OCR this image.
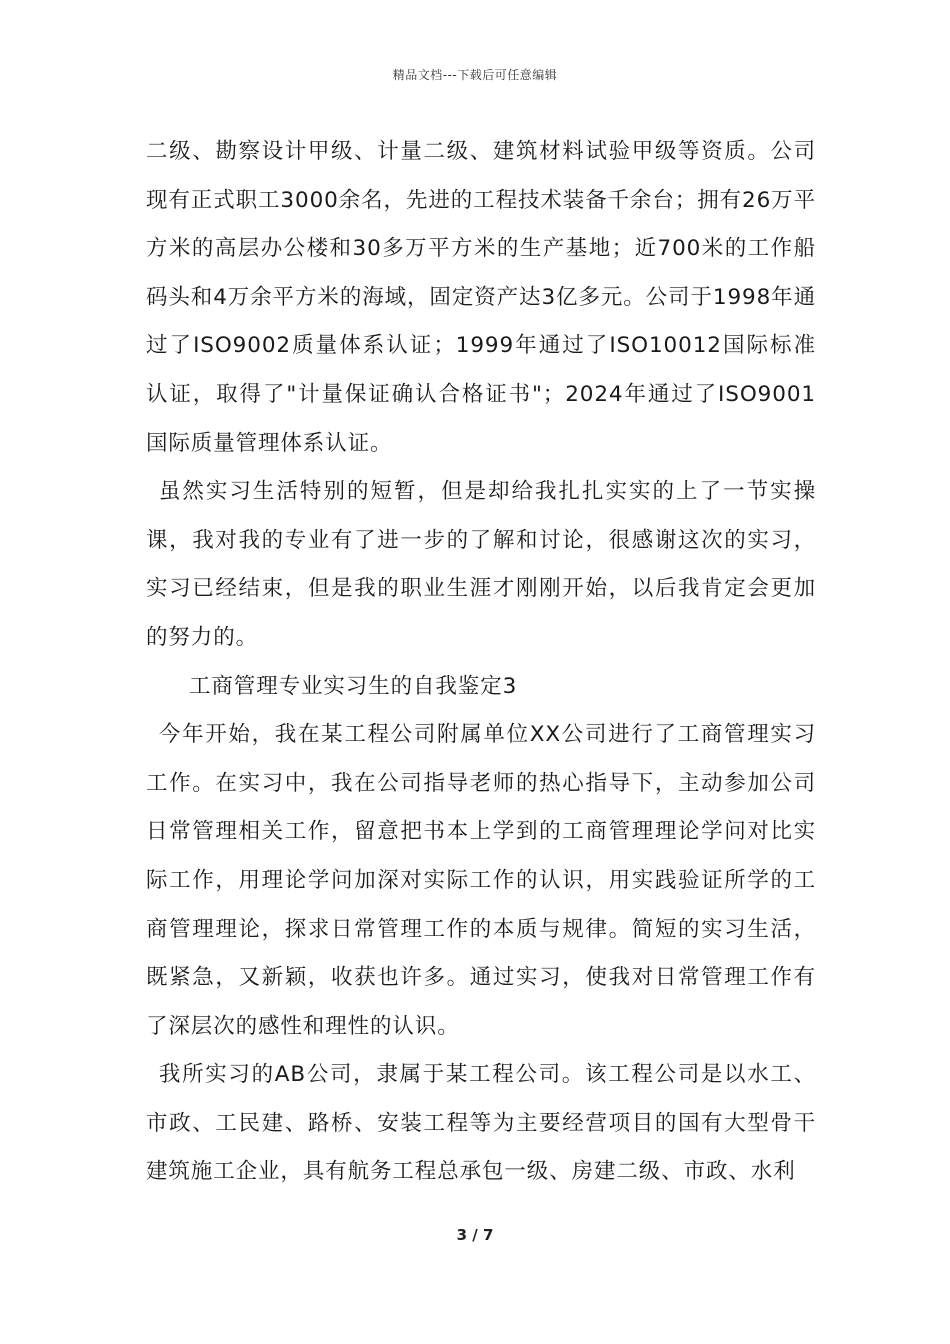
精品文档---下载后可任意编辑

二级、勘察设计甲级、计量二级、建筑材料试验甲级等资质。公司现有正式职工3000余名，先进的工程技术装备千余台；拥有26万平方米的高层办公楼和30多万平方米的生产基地；近700米的工作船码头和4万余平方米的海域，固定资产达3亿多元。公司于1998年通过了ISO9002质量体系认证；1999年通过了ISO10012国际标准认证，取得了"计量保证确认合格证书"；2024年通过了ISO9001国际质量管理体系认证。

虽然实习生活特别的短暂，但是却给我扎扎实实的上了一节实操课，我对我的专业有了进一步的了解和讨论，很感谢这次的实习，实习已经结束，但是我的职业生涯才刚刚开始，以后我肯定会更加的努力的。

工商管理专业实习生的自我鉴定3

今年开始，我在某工程公司附属单位XX公司进行了工商管理实习工作。在实习中，我在公司指导老师的热心指导下，主动参加公司日常管理相关工作，留意把书本上学到的工商管理理论学问对比实际工作，用理论学问加深对实际工作的认识，用实践验证所学的工商管理理论，探求日常管理工作的本质与规律。简短的实习生活，既紧急，又新颖，收获也许多。通过实习，使我对日常管理工作有了深层次的感性和理性的认识。

我所实习的AB公司，隶属于某工程公司。该工程公司是以水工、市政、工民建、路桥、安装工程等为主要经营项目的国有大型骨干建筑施工企业，具有航务工程总承包一级、房建二级、市政、水利

3 / 7
